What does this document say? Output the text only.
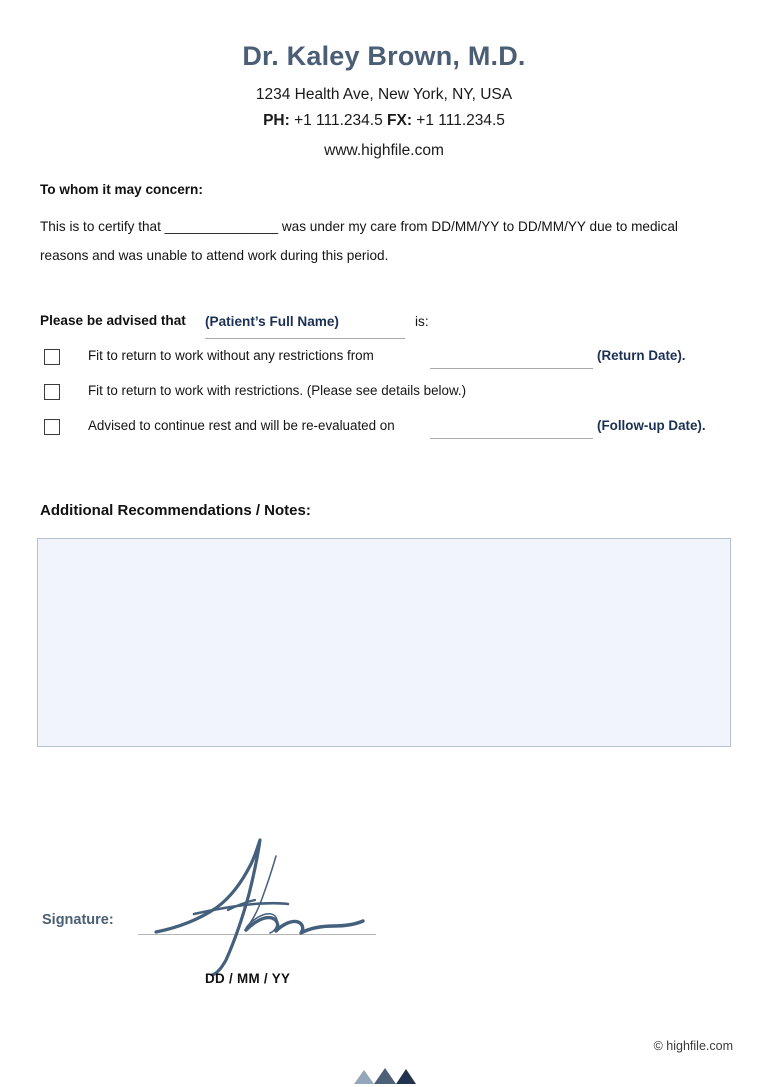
Dr. Kaley Brown, M.D.
1234 Health Ave, New York, NY, USA
PH: +1 111.234.5 FX: +1 111.234.5
www.highfile.com
To whom it may concern:
This is to certify that _______________ was under my care from DD/MM/YY to DD/MM/YY due to medical reasons and was unable to attend work during this period.
Please be advised that (Patient’s Full Name)	is:
Fit to return to work without any restrictions from	(Return Date).
Fit to return to work with restrictions. (Please see details below.)
Advised to continue rest and will be re-evaluated on	(Follow-up Date).
Additional Recommendations / Notes:
Signature:
DD / MM / YY
© highfile.com
